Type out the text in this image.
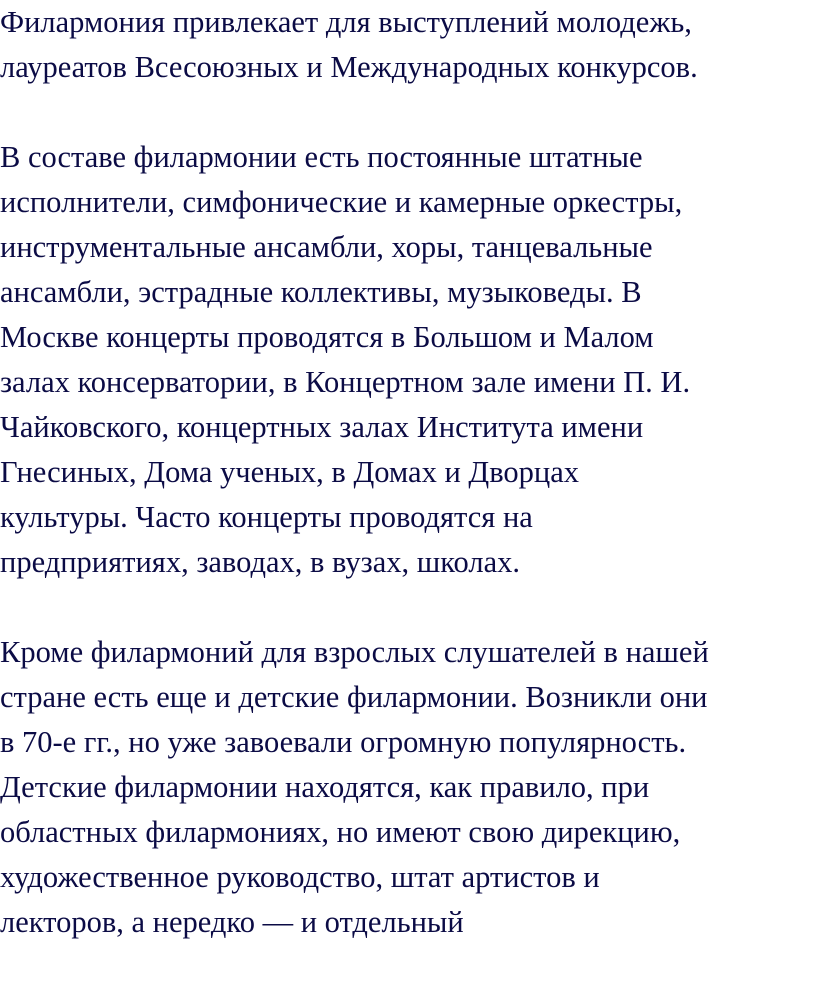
Филармония привлекает для выступлений молодежь,
лауреатов Всесоюзных и Международных конкурсов.
В составе филармонии есть постоянные штатные
исполнители, симфонические и камерные оркестры,
инструментальные ансамбли, хоры, танцевальные
ансамбли, эстрадные коллективы, музыковеды. В
Москве концерты проводятся в Большом и Малом
залах консерватории, в Концертном зале имени П. И.
Чайковского, концертных залах Института имени
Гнесиных, Дома ученых, в Домах и Дворцах
культуры. Часто концерты проводятся на
предприятиях, заводах, в вузах, школах.
Кроме филармоний для взрослых слушателей в нашей
стране есть еще и детские филармонии. Возникли они
в 70-е гг., но уже завоевали огромную популярность.
Детские филармонии находятся, как правило, при
областных филармониях, но имеют свою дирекцию,
художественное руководство, штат артистов и
лекторов, а нередко — и отдельный
